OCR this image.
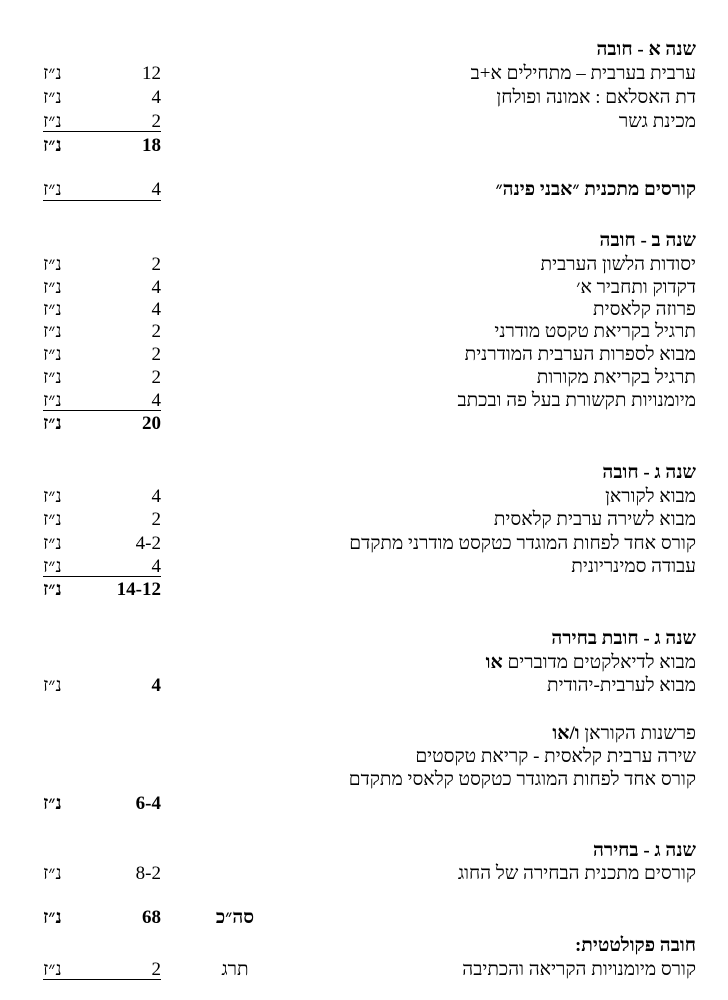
שנה א - חובה
ערבית בערבית – מתחילים א+ב
12
נ״ז
דת האסלאם : אמונה ופולחן
4
נ״ז
מכינת גשר
2
נ״ז
18
נ״ז
קורסים מתכנית ״אבני פינה״
4
נ״ז
שנה ב - חובה
יסודות הלשון הערבית
2
נ״ז
דקדוק ותחביר א׳
4
נ״ז
פרוזה קלאסית
4
נ״ז
תרגיל בקריאת טקסט מודרני
2
נ״ז
מבוא לספרות הערבית המודרנית
2
נ״ז
תרגיל בקריאת מקורות
2
נ״ז
מיומנויות תקשורת בעל פה ובכתב
4
נ״ז
20
נ״ז
שנה ג - חובה
מבוא לקוראן
4
נ״ז
מבוא לשירה ערבית קלאסית
2
נ״ז
קורס אחד לפחות המוגדר כטקסט מודרני מתקדם
4-2
נ״ז
עבודה סמינריונית
4
נ״ז
14-12
נ״ז
שנה ג - חובת בחירה
מבוא לדיאלקטים מדוברים או
מבוא לערבית-יהודית
4
נ״ז
פרשנות הקוראן ו/או
שירה ערבית קלאסית - קריאת טקסטים
קורס אחד לפחות המוגדר כטקסט קלאסי מתקדם
6-4
נ״ז
שנה ג - בחירה
קורסים מתכנית הבחירה של החוג
8-2
נ״ז
סה״כ
68
נ״ז
חובה פקולטטית:
קורס מיומנויות הקריאה והכתיבה
תרג
2
נ״ז
